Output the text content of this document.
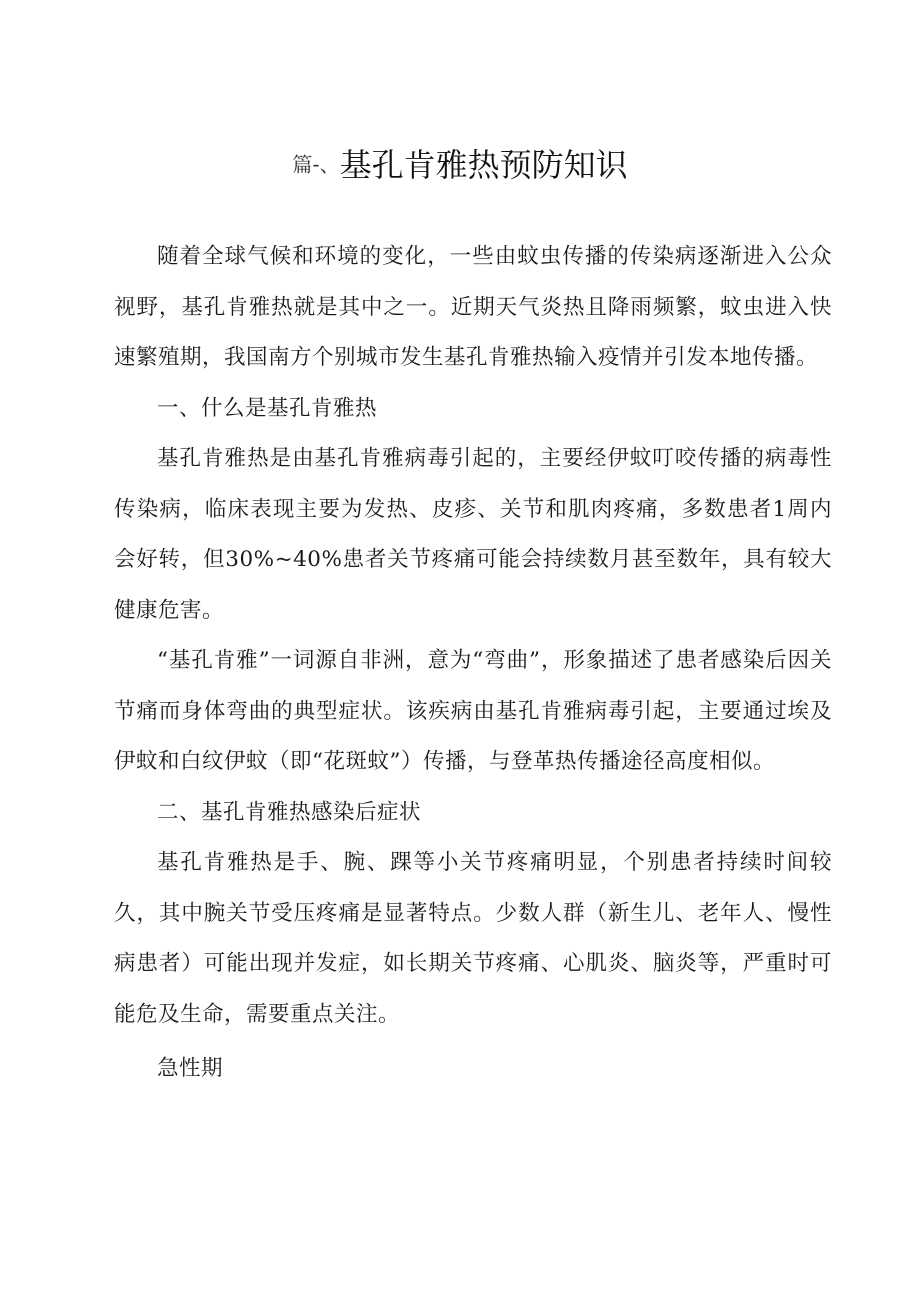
篇-、基孔肯雅热预防知识

随着全球气候和环境的变化，一些由蚊虫传播的传染病逐渐进入公众视野，基孔肯雅热就是其中之一。近期天气炎热且降雨频繁，蚊虫进入快速繁殖期，我国南方个别城市发生基孔肯雅热输入疫情并引发本地传播。

一、什么是基孔肯雅热

基孔肯雅热是由基孔肯雅病毒引起的，主要经伊蚊叮咬传播的病毒性传染病，临床表现主要为发热、皮疹、关节和肌肉疼痛，多数患者1周内会好转，但30%~40%患者关节疼痛可能会持续数月甚至数年，具有较大健康危害。

“基孔肯雅”一词源自非洲，意为“弯曲”，形象描述了患者感染后因关节痛而身体弯曲的典型症状。该疾病由基孔肯雅病毒引起，主要通过埃及伊蚊和白纹伊蚊（即“花斑蚊”）传播，与登革热传播途径高度相似。

二、基孔肯雅热感染后症状

基孔肯雅热是手、腕、踝等小关节疼痛明显，个别患者持续时间较久，其中腕关节受压疼痛是显著特点。少数人群（新生儿、老年人、慢性病患者）可能出现并发症，如长期关节疼痛、心肌炎、脑炎等，严重时可能危及生命，需要重点关注。

急性期
